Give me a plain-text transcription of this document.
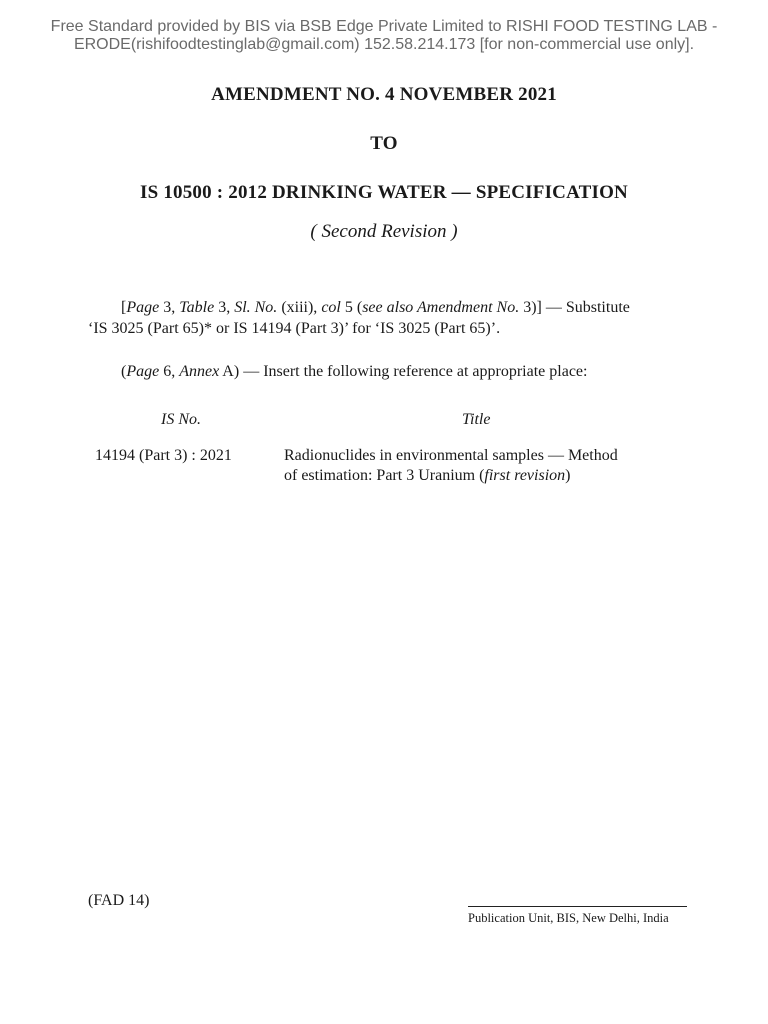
Free Standard provided by BIS via BSB Edge Private Limited to RISHI FOOD TESTING LAB -
ERODE(rishifoodtestinglab@gmail.com) 152.58.214.173 [for non-commercial use only].
AMENDMENT NO. 4 NOVEMBER 2021
TO
IS 10500 : 2012 DRINKING WATER — SPECIFICATION
( Second Revision )
[Page 3, Table 3, Sl. No. (xiii), col 5 (see also Amendment No. 3)] — Substitute
‘IS 3025 (Part 65)* or IS 14194 (Part 3)’ for ‘IS 3025 (Part 65)’.
(Page 6, Annex A) — Insert the following reference at appropriate place:
IS No.	Title
14194 (Part 3) : 2021	Radionuclides in environmental samples — Method
of estimation: Part 3 Uranium (first revision)
(FAD 14)
Publication Unit, BIS, New Delhi, India
